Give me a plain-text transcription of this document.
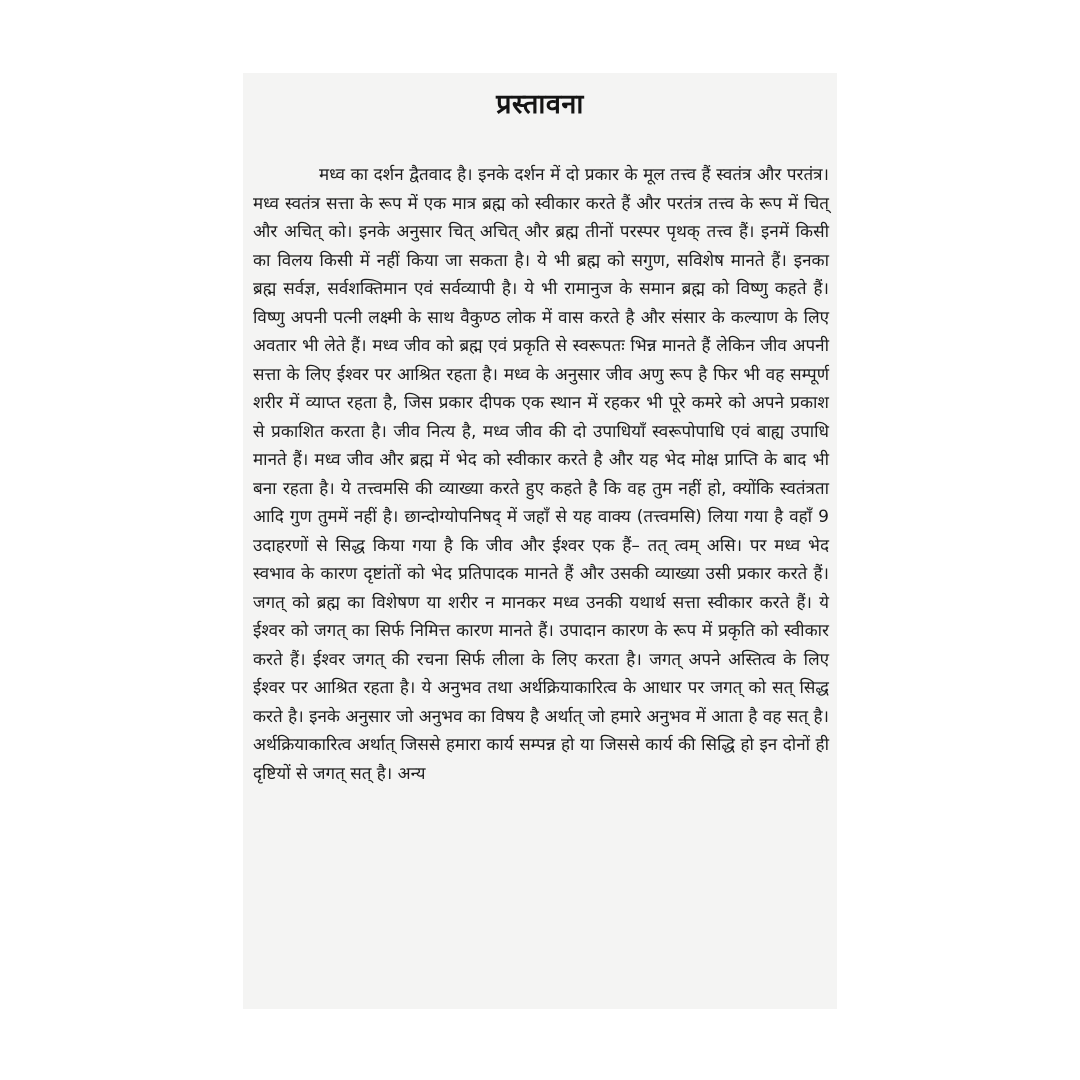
प्रस्तावना

मध्व का दर्शन द्वैतवाद है। इनके दर्शन में दो प्रकार के मूल तत्त्व हैं स्वतंत्र और परतंत्र। मध्व स्वतंत्र सत्ता के रूप में एक मात्र ब्रह्म को स्वीकार करते हैं और परतंत्र तत्त्व के रूप में चित् और अचित् को। इनके अनुसार चित् अचित् और ब्रह्म तीनों परस्पर पृथक् तत्त्व हैं। इनमें किसी का विलय किसी में नहीं किया जा सकता है। ये भी ब्रह्म को सगुण, सविशेष मानते हैं। इनका ब्रह्म सर्वज्ञ, सर्वशक्तिमान एवं सर्वव्यापी है। ये भी रामानुज के समान ब्रह्म को विष्णु कहते हैं। विष्णु अपनी पत्नी लक्ष्मी के साथ वैकुण्ठ लोक में वास करते है और संसार के कल्याण के लिए अवतार भी लेते हैं। मध्व जीव को ब्रह्म एवं प्रकृति से स्वरूपतः भिन्न मानते हैं लेकिन जीव अपनी सत्ता के लिए ईश्वर पर आश्रित रहता है। मध्व के अनुसार जीव अणु रूप है फिर भी वह सम्पूर्ण शरीर में व्याप्त रहता है, जिस प्रकार दीपक एक स्थान में रहकर भी पूरे कमरे को अपने प्रकाश से प्रकाशित करता है। जीव नित्य है, मध्व जीव की दो उपाधियाँ स्वरूपोपाधि एवं बाह्य उपाधि मानते हैं। मध्व जीव और ब्रह्म में भेद को स्वीकार करते है और यह भेद मोक्ष प्राप्ति के बाद भी बना रहता है। ये तत्त्वमसि की व्याख्या करते हुए कहते है कि वह तुम नहीं हो, क्योंकि स्वतंत्रता आदि गुण तुममें नहीं है। छान्दोग्योपनिषद् में जहाँ से यह वाक्य (तत्त्वमसि) लिया गया है वहाँ 9 उदाहरणों से सिद्ध किया गया है कि जीव और ईश्वर एक हैं– तत् त्वम् असि। पर मध्व भेद स्वभाव के कारण दृष्टांतों को भेद प्रतिपादक मानते हैं और उसकी व्याख्या उसी प्रकार करते हैं। जगत् को ब्रह्म का विशेषण या शरीर न मानकर मध्व उनकी यथार्थ सत्ता स्वीकार करते हैं। ये ईश्वर को जगत् का सिर्फ निमित्त कारण मानते हैं। उपादान कारण के रूप में प्रकृति को स्वीकार करते हैं। ईश्वर जगत् की रचना सिर्फ लीला के लिए करता है। जगत् अपने अस्तित्व के लिए ईश्वर पर आश्रित रहता है। ये अनुभव तथा अर्थक्रियाकारित्व के आधार पर जगत् को सत् सिद्ध करते है। इनके अनुसार जो अनुभव का विषय है अर्थात् जो हमारे अनुभव में आता है वह सत् है। अर्थक्रियाकारित्व अर्थात् जिससे हमारा कार्य सम्पन्न हो या जिससे कार्य की सिद्धि हो इन दोनों ही दृष्टियों से जगत् सत् है। अन्य
